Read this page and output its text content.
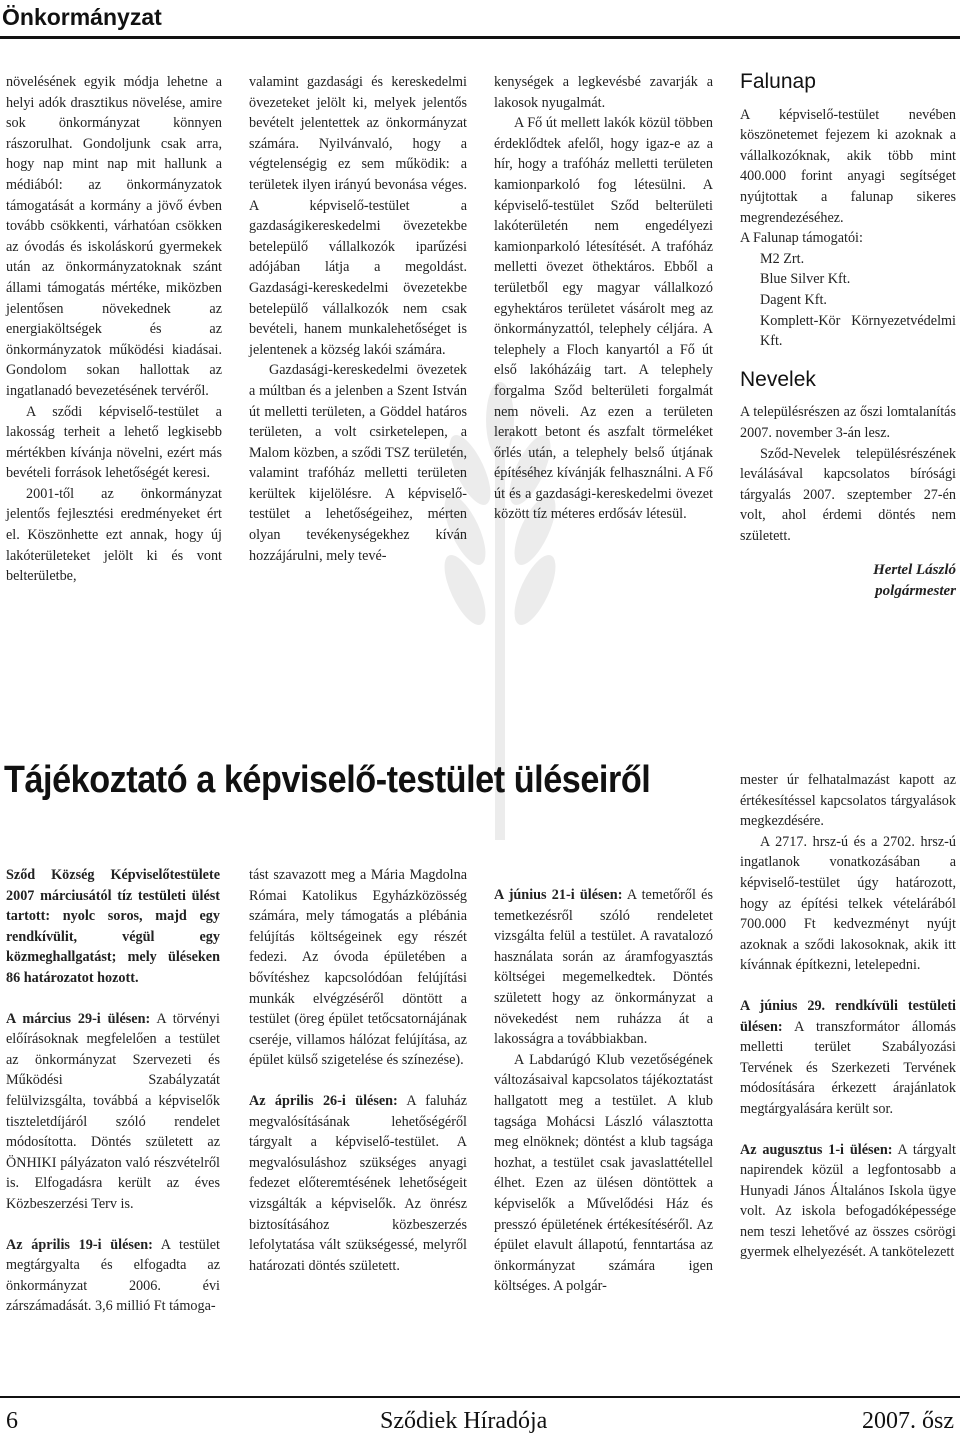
Önkormányzat

növelésének egyik módja lehetne a helyi adók drasztikus növelése, amire sok önkormányzat könnyen rászorulhat. Gondoljunk csak arra, hogy nap mint nap mit hallunk a médiából: az önkormányzatok támogatását a kormány a jövő évben tovább csökkenti, várhatóan csökken az óvodás és iskoláskorú gyermekek után az önkormányzatoknak szánt állami támogatás mértéke, miközben jelentősen növekednek az energiaköltségek és az önkormányzatok működési kiadásai. Gondolom sokan hallottak az ingatlanadó bevezetésének tervéről.

A sződi képviselő-testület a lakosság terheit a lehető legkisebb mértékben kívánja növelni, ezért más bevételi források lehetőségét keresi.

2001-től az önkormányzat jelentős fejlesztési eredményeket ért el. Köszönhette ezt annak, hogy új lakóterületeket jelölt ki és vont belterületbe,

valamint gazdasági és kereskedelmi övezeteket jelölt ki, melyek jelentős bevételt jelentettek az önkormányzat számára. Nyilvánvaló, hogy a végtelenségig ez sem működik: a területek ilyen irányú bevonása véges. A képviselő-testület a gazdaságikereskedelmi övezetekbe betelepülő vállalkozók iparűzési adójában látja a megoldást. Gazdasági-kereskedelmi övezetekbe betelepülő vállalkozók nem csak bevételi, hanem munkalehetőséget is jelentenek a község lakói számára.

Gazdasági-kereskedelmi övezetek a múltban és a jelenben a Szent István út melletti területen, a Göddel határos területen, a volt csirketelepen, a Malom közben, a sződi TSZ területén, valamint trafóház melletti területen kerültek kijelölésre. A képviselő-testület a lehetőségeihez, mérten olyan tevékenységekhez kíván hozzájárulni, mely tevé-

kenységek a legkevésbé zavarják a lakosok nyugalmát.

A Fő út mellett lakók közül többen érdeklődtek afelől, hogy igaz-e az a hír, hogy a trafóház melletti területen kamionparkoló fog létesülni. A képviselő-testület Sződ belterületi lakóterületén nem engedélyezi kamionparkoló létesítését. A trafóház melletti övezet öthektáros. Ebből a területből egy magyar vállalkozó egyhektáros területet vásárolt meg az önkormányzattól, telephely céljára. A telephely a Floch kanyartól a Fő út első lakóházáig tart. A telephely forgalma Sződ belterületi forgalmát nem növeli. Az ezen a területen lerakott betont és aszfalt törmeléket őrlés után, a telephely belső útjának építéséhez kívánják felhasználni. A Fő út és a gazdasági-kereskedelmi övezet között tíz méteres erdősáv létesül.

Falunap

A képviselő-testület nevében köszönetemet fejezem ki azoknak a vállalkozóknak, akik több mint 400.000 forint anyagi segítséget nyújtottak a falunap sikeres megrendezéséhez.

A Falunap támogatói:

M2 Zrt.

Blue Silver Kft.

Dagent Kft.

Komplett-Kör Környezetvédelmi Kft.

Nevelek

A településrészen az őszi lomtalanítás 2007. november 3-án lesz.

Sződ-Nevelek településrészének leválásával kapcsolatos bírósági tárgyalás 2007. szeptember 27-én volt, ahol érdemi döntés nem született.

Hertel László
polgármester
Tájékoztató a képviselő-testület üléseiről

Sződ Község Képviselőtestülete 2007 márciusától tíz testületi ülést tartott: nyolc soros, majd egy rendkívülit, végül egy közmeghallgatást; mely üléseken 86 határozatot hozott.

A március 29-i ülésen: A törvényi előírásoknak megfelelően a testület az önkormányzat Szervezeti és Működési Szabályzatát felülvizsgálta, továbbá a képviselők tiszteletdíjáról szóló rendelet módosította. Döntés született az ÖNHIKI pályázaton való részvételről is. Elfogadásra került az éves Közbeszerzési Terv is.

Az április 19-i ülésen: A testület megtárgyalta és elfogadta az önkormányzat 2006. évi zárszámadását. 3,6 millió Ft támoga-

tást szavazott meg a Mária Magdolna Római Katolikus Egyházközösség számára, mely támogatás a plébánia felújítás költségeinek egy részét fedezi. Az óvoda épületében a bővítéshez kapcsolódóan felújítási munkák elvégzéséről döntött a testület (öreg épület tetőcsatornájának cseréje, villamos hálózat felújítása, az épület külső szigetelése és színezése).

Az április 26-i ülésen: A faluház megvalósításának lehetőségéről tárgyalt a képviselő-testület. A megvalósuláshoz szükséges anyagi fedezet előteremtésének lehetőségeit vizsgálták a képviselők. Az önrész biztosításához közbeszerzés lefolytatása vált szükségessé, melyről határozati döntés született.

A június 21-i ülésen: A temetőről és temetkezésről szóló rendeletet vizsgálta felül a testület. A ravatalozó használata során az áramfogyasztás költségei megemelkedtek. Döntés született hogy az önkormányzat a növekedést nem ruházza át a lakosságra a továbbiakban.

A Labdarúgó Klub vezetőségének változásaival kapcsolatos tájékoztatást hallgatott meg a testület. A klub tagsága Mohácsi László választotta meg elnöknek; döntést a klub tagsága hozhat, a testület csak javaslattétellel élhet. Ezen az ülésen döntöttek a képviselők a Művelődési Ház és presszó épületének értékesítéséről. Az épület elavult állapotú, fenntartása az önkormányzat számára igen költséges. A polgár-

mester úr felhatalmazást kapott az értékesítéssel kapcsolatos tárgyalások megkezdésére.

A 2717. hrsz-ú és a 2702. hrsz-ú ingatlanok vonatkozásában a képviselő-testület úgy határozott, hogy az építési telkek vételárából 700.000 Ft kedvezményt nyújt azoknak a sződi lakosoknak, akik itt kívánnak építkezni, letelepedni.

A június 29. rendkívüli testületi ülésen: A transzformátor állomás melletti terület Szabályozási Tervének és Szerkezeti Tervének módosítására érkezett árajánlatok megtárgyalására került sor.

Az augusztus 1-i ülésen: A tárgyalt napirendek közül a legfontosabb a Hunyadi János Általános Iskola ügye volt. Az iskola befogadóképessége nem teszi lehetővé az összes csörögi gyermek elhelyezését. A tankötelezett

6	Sződiek Híradója	2007. ősz
